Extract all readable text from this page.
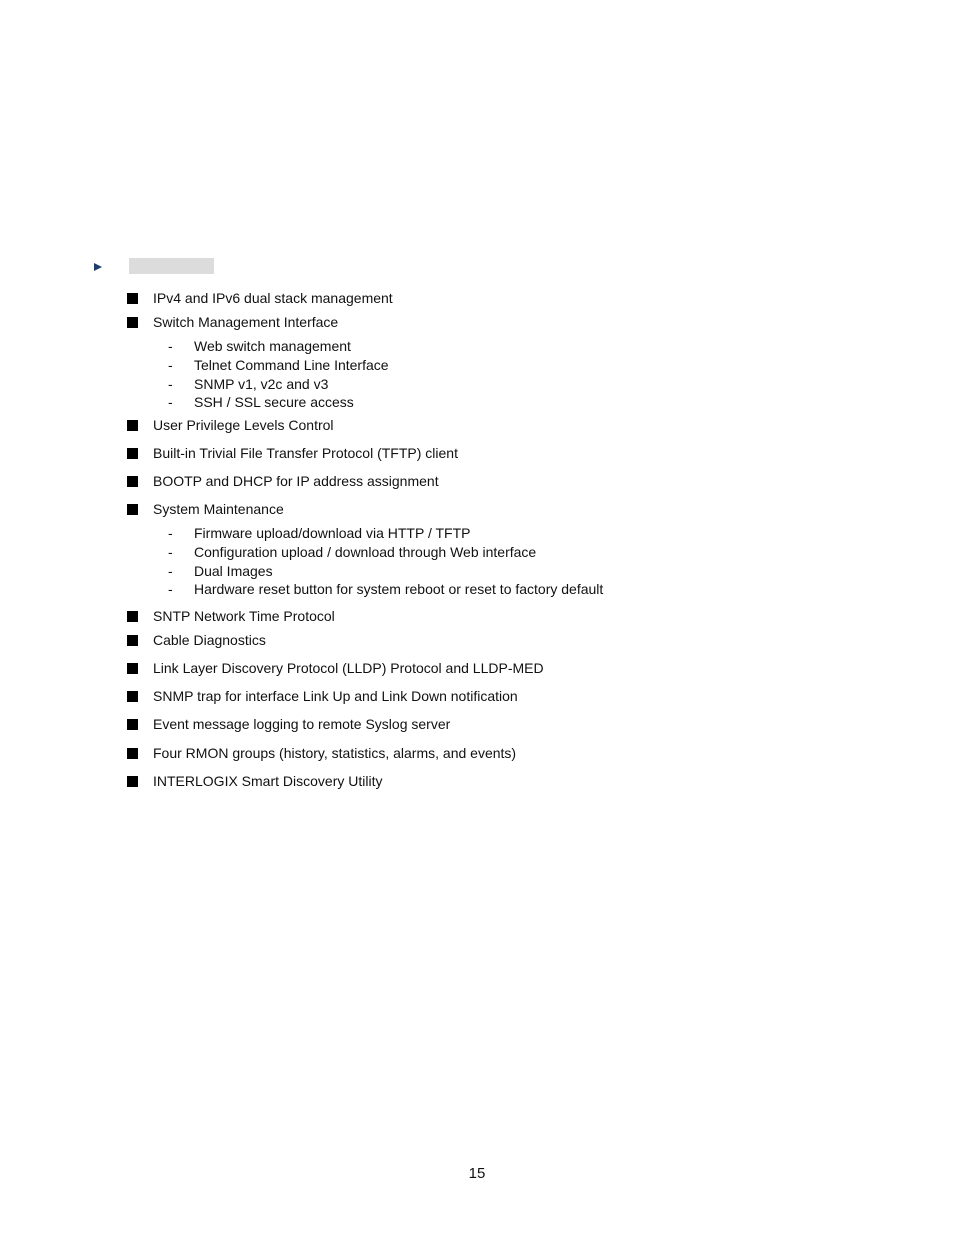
IPv4 and IPv6 dual stack management
Switch Management Interface
-	Web switch management
-	Telnet Command Line Interface
-	SNMP v1, v2c and v3
-	SSH / SSL secure access
User Privilege Levels Control
Built-in Trivial File Transfer Protocol (TFTP) client
BOOTP and DHCP for IP address assignment
System Maintenance
-	Firmware upload/download via HTTP / TFTP
-	Configuration upload / download through Web interface
-	Dual Images
-	Hardware reset button for system reboot or reset to factory default
SNTP Network Time Protocol
Cable Diagnostics
Link Layer Discovery Protocol (LLDP) Protocol and LLDP-MED
SNMP trap for interface Link Up and Link Down notification
Event message logging to remote Syslog server
Four RMON groups (history, statistics, alarms, and events)
INTERLOGIX Smart Discovery Utility
15
